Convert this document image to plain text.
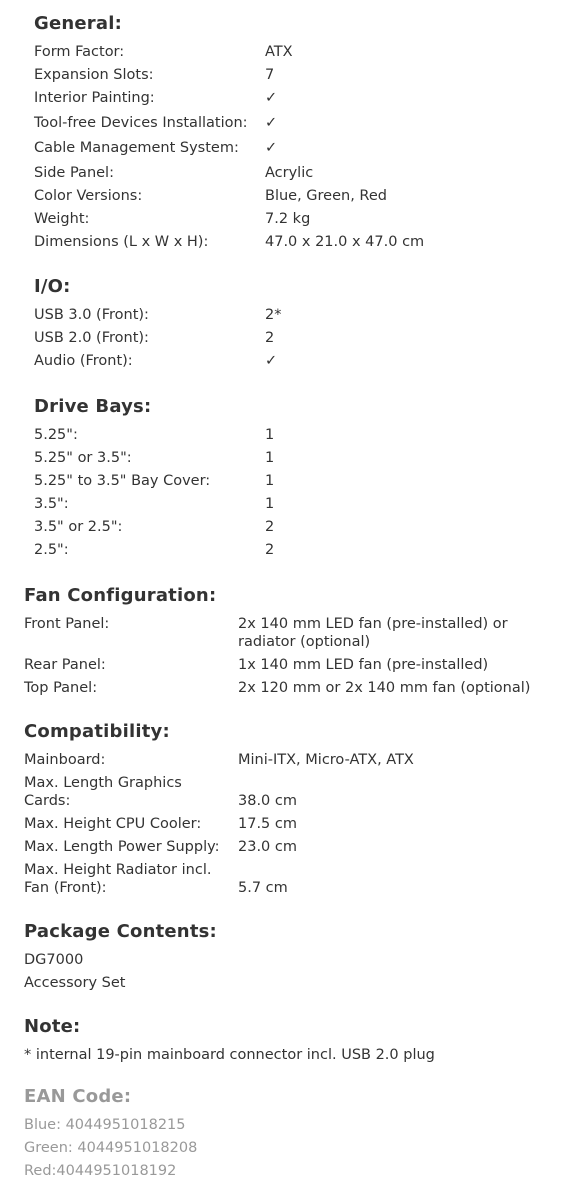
General:
Form Factor:	ATX
Expansion Slots:	7
Interior Painting:	✓
Tool-free Devices Installation:	✓
Cable Management System:	✓
Side Panel:	Acrylic
Color Versions:	Blue, Green, Red
Weight:	7.2 kg
Dimensions (L x W x H):	47.0 x 21.0 x 47.0 cm
I/O:
USB 3.0 (Front):	2*
USB 2.0 (Front):	2
Audio (Front):	✓
Drive Bays:
5.25":	1
5.25" or 3.5":	1
5.25" to 3.5" Bay Cover:	1
3.5":	1
3.5" or 2.5":	2
2.5":	2
Fan Configuration:
Front Panel:	2x 140 mm LED fan (pre-installed) or radiator (optional)
Rear Panel:	1x 140 mm LED fan (pre-installed)
Top Panel:	2x 120 mm or 2x 140 mm fan (optional)
Compatibility:
Mainboard:	Mini-ITX, Micro-ATX, ATX
Max. Length Graphics Cards:	38.0 cm
Max. Height CPU Cooler:	17.5 cm
Max. Length Power Supply:	23.0 cm
Max. Height Radiator incl. Fan (Front):	5.7 cm
Package Contents:
DG7000
Accessory Set
Note:
* internal 19-pin mainboard connector incl. USB 2.0 plug
EAN Code:
Blue: 4044951018215
Green: 4044951018208
Red:4044951018192
